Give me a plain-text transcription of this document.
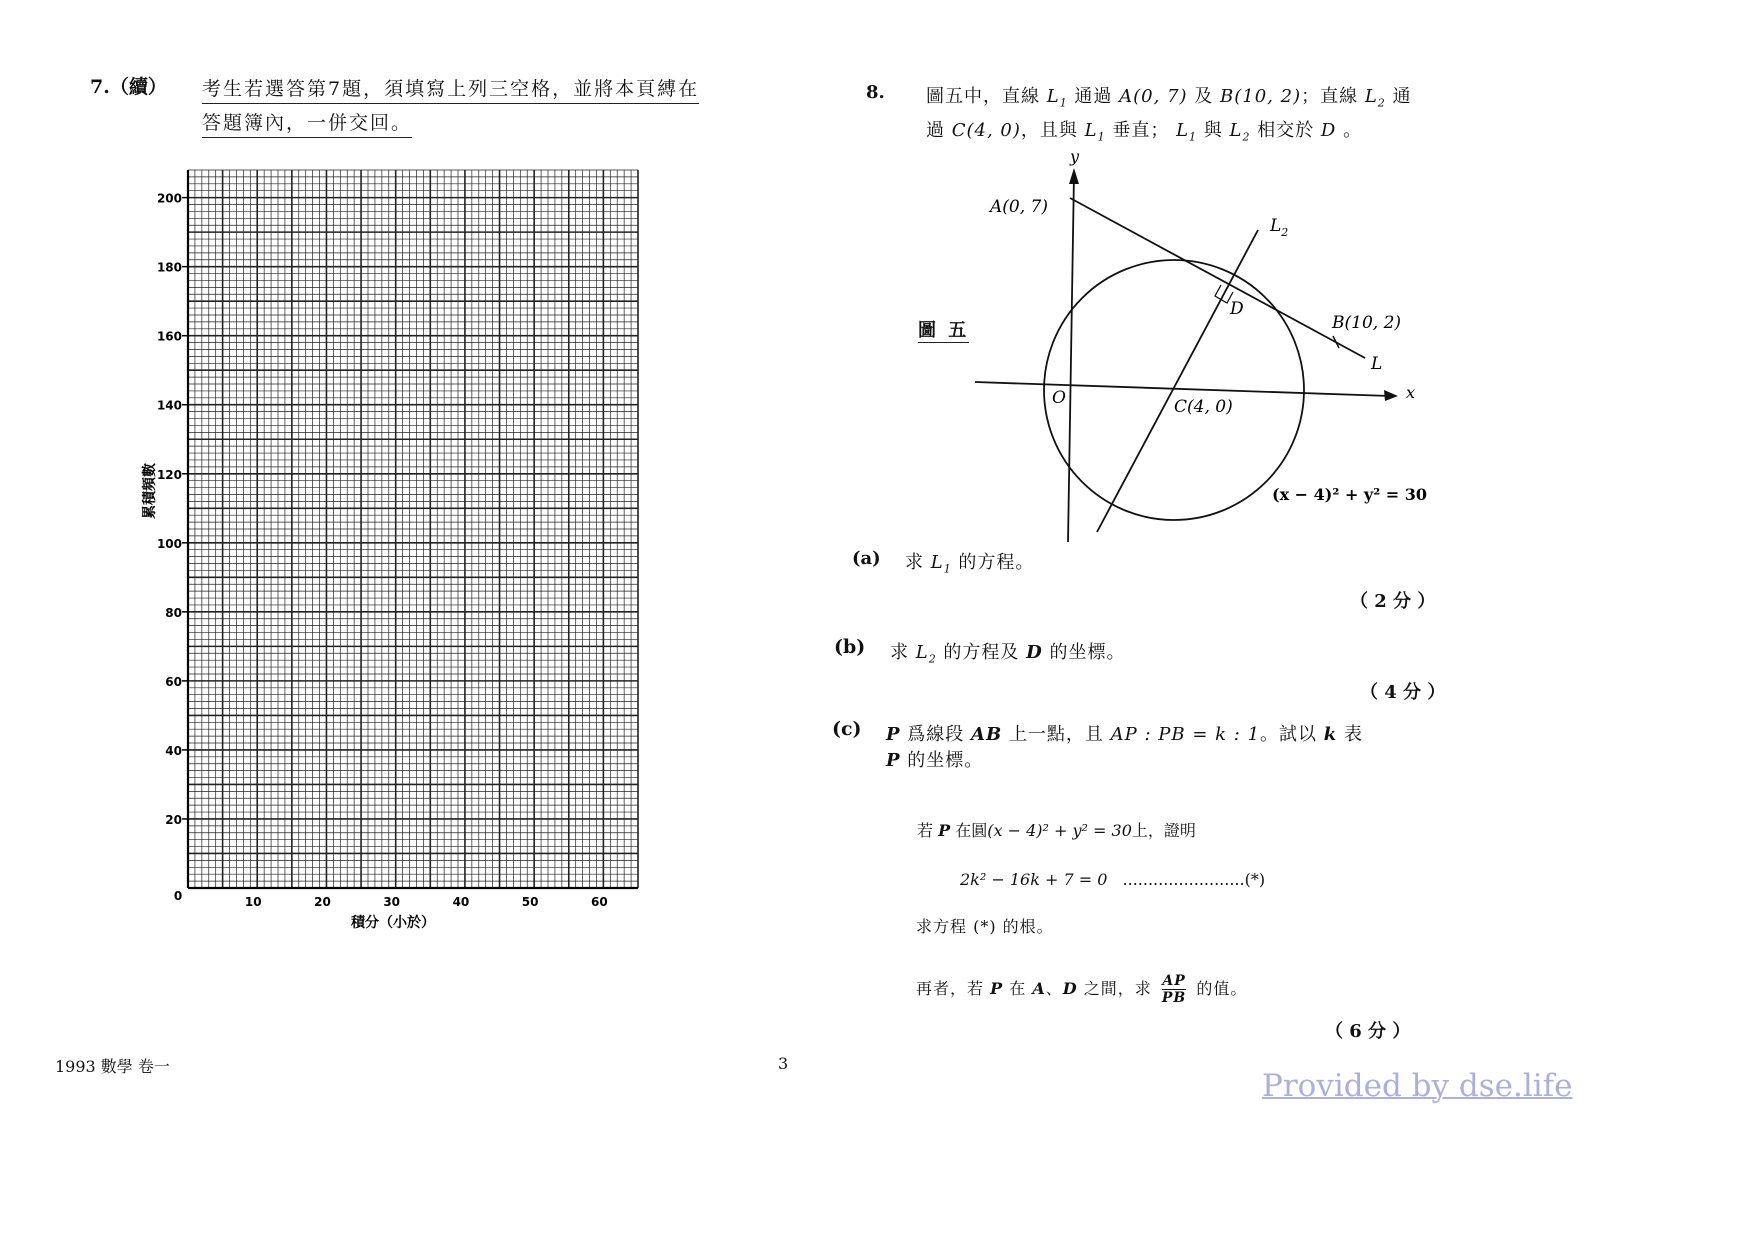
7.（續） 考生若選答第7題，須填寫上列三空格，並將本頁縛在
答題簿內，一併交回。
20
40
60
80
100
120
140
160
180
200
10	20	30	40	50	60
0
積分（小於）
累積頻數
8. 圖五中，直線 $L_1$ 通過 A(0, 7) 及 B(10, 2)；直線 $L_2$ 通
過 C(4, 0)，且與 $L_1$ 垂直； $L_1$ 與 $L_2$ 相交於 D 。
圖 五
A(0, 7)
$L_2$
D
B(10, 2)
L
x
y
O	C(4, 0)
(x − 4)² + y² = 30
(a) 求 $L_1$ 的方程。
（ 2 分 ）
(b) 求 $L_2$ 的方程及 D 的坐標。
（ 4 分 ）
(c) P 爲線段 AB 上一點，且 AP : PB = k : 1。試以 k 表
P 的坐標。
若 P 在圓(x − 4)² + y² = 30上，證明
2k² − 16k + 7 = 0 ........................(*)
求方程 (*) 的根。
再者，若 P 在 A、D 之間，求 $\frac{AP}{PB}$ 的值。
（ 6 分 ）
1993 數學 卷一	3
Provided by dse.life
